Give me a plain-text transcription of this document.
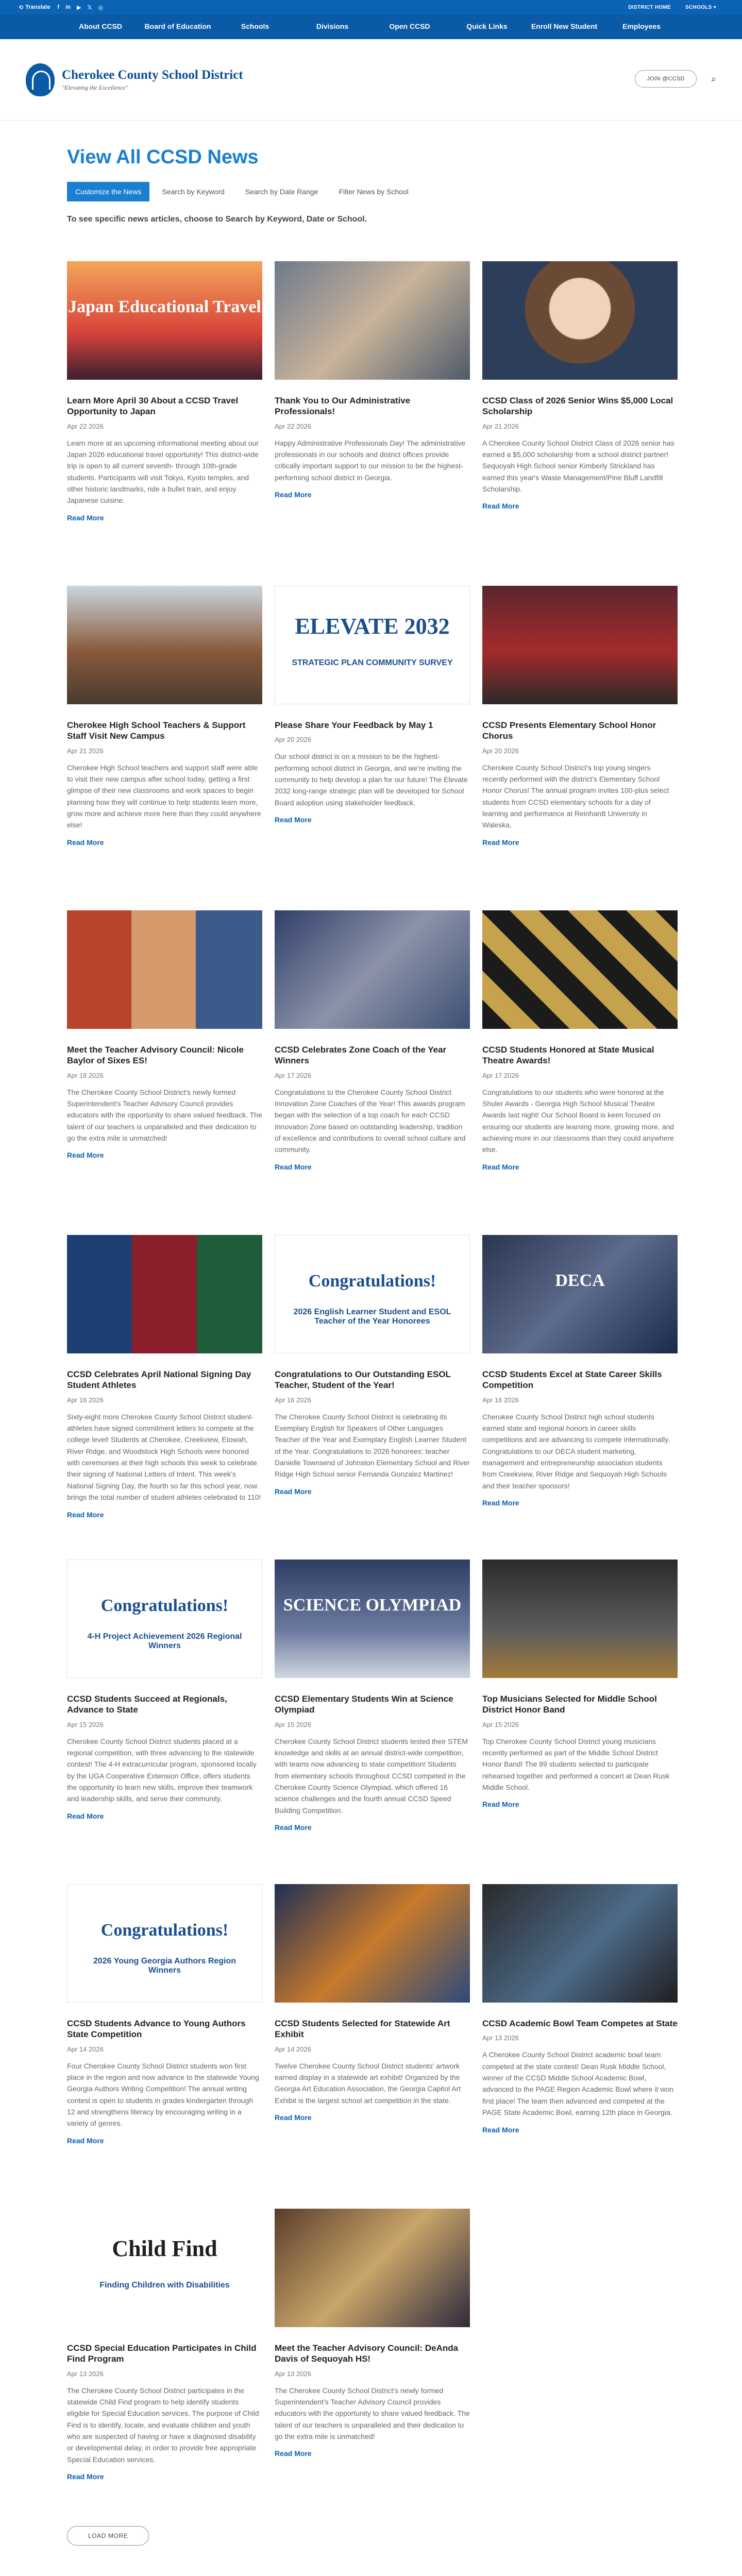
⟲ Translate f in ▶ 𝕏 ◎	DISTRICT HOME	SCHOOLS ▾
About CCSD	Board of Education	Schools	Divisions	Open CCSD	Quick Links	Enroll New Student	Employees
Cherokee County School District
"Elevating the Excellence"
JOIN @CCSD	⌕
View All CCSD News
Customize the News	Search by Keyword	Search by Date Range	Filter News by School

To see specific news articles, choose to Search by Keyword, Date or School.

Japan Educational Travel
Learn More April 30 About a CCSD Travel Opportunity to Japan
Apr 22 2026

Learn more at an upcoming informational meeting about our Japan 2026 educational travel opportunity! This district-wide trip is open to all current seventh- through 10th-grade students. Participants will visit Tokyo, Kyoto temples, and other historic landmarks, ride a bullet train, and enjoy Japanese cuisine.

Read More
Thank You to Our Administrative Professionals!
Apr 22 2026

Happy Administrative Professionals Day! The administrative professionals in our schools and district offices provide critically important support to our mission to be the highest-performing school district in Georgia.

Read More
CCSD Class of 2026 Senior Wins $5,000 Local Scholarship
Apr 21 2026

A Cherokee County School District Class of 2026 senior has earned a $5,000 scholarship from a school district partner! Sequoyah High School senior Kimberly Strickland has earned this year's Waste Management/Pine Bluff Landfill Scholarship.

Read More
Cherokee High School Teachers & Support Staff Visit New Campus
Apr 21 2026

Cherokee High School teachers and support staff were able to visit their new campus after school today, getting a first glimpse of their new classrooms and work spaces to begin planning how they will continue to help students learn more, grow more and achieve more here than they could anywhere else!

Read More
ELEVATE 2032
STRATEGIC PLAN COMMUNITY SURVEY
Please Share Your Feedback by May 1
Apr 20 2026

Our school district is on a mission to be the highest-performing school district in Georgia, and we're inviting the community to help develop a plan for our future! The Elevate 2032 long-range strategic plan will be developed for School Board adoption using stakeholder feedback.

Read More
CCSD Presents Elementary School Honor Chorus
Apr 20 2026

Cherokee County School District's top young singers recently performed with the district's Elementary School Honor Chorus! The annual program invites 100-plus select students from CCSD elementary schools for a day of learning and performance at Reinhardt University in Waleska.

Read More
Meet the Teacher Advisory Council: Nicole Baylor of Sixes ES!
Apr 18 2026

The Cherokee County School District's newly formed Superintendent's Teacher Advisory Council provides educators with the opportunity to share valued feedback. The talent of our teachers is unparalleled and their dedication to go the extra mile is unmatched!

Read More
CCSD Celebrates Zone Coach of the Year Winners
Apr 17 2026

Congratulations to the Cherokee County School District Innovation Zone Coaches of the Year! This awards program began with the selection of a top coach for each CCSD Innovation Zone based on outstanding leadership, tradition of excellence and contributions to overall school culture and community.

Read More
CCSD Students Honored at State Musical Theatre Awards!
Apr 17 2026

Congratulations to our students who were honored at the Shuler Awards - Georgia High School Musical Theatre Awards last night! Our School Board is keen focused on ensuring our students are learning more, growing more, and achieving more in our classrooms than they could anywhere else.

Read More
CCSD Celebrates April National Signing Day Student Athletes
Apr 16 2026

Sixty-eight more Cherokee County School District student-athletes have signed commitment letters to compete at the college level! Students at Cherokee, Creekview, Etowah, River Ridge, and Woodstock High Schools were honored with ceremonies at their high schools this week to celebrate their signing of National Letters of Intent. This week's National Signing Day, the fourth so far this school year, now brings the total number of student athletes celebrated to 110!

Read More
Congratulations!
2026 English Learner Student and ESOL Teacher of the Year Honorees
Congratulations to Our Outstanding ESOL Teacher, Student of the Year!
Apr 16 2026

The Cherokee County School District is celebrating its Exemplary English for Speakers of Other Languages Teacher of the Year and Exemplary English Learner Student of the Year. Congratulations to 2026 honorees: teacher Danielle Townsend of Johnston Elementary School and River Ridge High School senior Fernanda Gonzalez Martinez!

Read More
DECA
CCSD Students Excel at State Career Skills Competition
Apr 16 2026

Cherokee County School District high school students earned state and regional honors in career skills competitions and are advancing to compete internationally. Congratulations to our DECA student marketing, management and entrepreneurship association students from Creekview, River Ridge and Sequoyah High Schools and their teacher sponsors!

Read More
Congratulations!
4-H Project Achievement 2026 Regional Winners
CCSD Students Succeed at Regionals, Advance to State
Apr 15 2026

Cherokee County School District students placed at a regional competition, with three advancing to the statewide contest! The 4-H extracurricular program, sponsored locally by the UGA Cooperative Extension Office, offers students the opportunity to learn new skills, improve their teamwork and leadership skills, and serve their community.

Read More
SCIENCE OLYMPIAD
CCSD Elementary Students Win at Science Olympiad
Apr 15 2026

Cherokee County School District students tested their STEM knowledge and skills at an annual district-wide competition, with teams now advancing to state competition! Students from elementary schools throughout CCSD competed in the Cherokee County Science Olympiad, which offered 16 science challenges and the fourth annual CCSD Speed Building Competition.

Read More
Top Musicians Selected for Middle School District Honor Band
Apr 15 2026

Top Cherokee County School District young musicians recently performed as part of the Middle School District Honor Band! The 89 students selected to participate rehearsed together and performed a concert at Dean Rusk Middle School.

Read More
Congratulations!
2026 Young Georgia Authors Region Winners
CCSD Students Advance to Young Authors State Competition
Apr 14 2026

Four Cherokee County School District students won first place in the region and now advance to the statewide Young Georgia Authors Writing Competition! The annual writing contest is open to students in grades kindergarten through 12 and strengthens literacy by encouraging writing in a variety of genres.

Read More
CCSD Students Selected for Statewide Art Exhibit
Apr 14 2026

Twelve Cherokee County School District students' artwork earned display in a statewide art exhibit! Organized by the Georgia Art Education Association, the Georgia Capitol Art Exhibit is the largest school art competition in the state.

Read More
CCSD Academic Bowl Team Competes at State
Apr 13 2026

A Cherokee County School District academic bowl team competed at the state contest! Dean Rusk Middle School, winner of the CCSD Middle School Academic Bowl, advanced to the PAGE Region Academic Bowl where it won first place! The team then advanced and competed at the PAGE State Academic Bowl, earning 12th place in Georgia.

Read More
Child Find
Finding Children with Disabilities
CCSD Special Education Participates in Child Find Program
Apr 13 2026

The Cherokee County School District participates in the statewide Child Find program to help identify students eligible for Special Education services. The purpose of Child Find is to identify, locate, and evaluate children and youth who are suspected of having or have a diagnosed disability or developmental delay, in order to provide free appropriate Special Education services.

Read More
Meet the Teacher Advisory Council: DeAnda Davis of Sequoyah HS!
Apr 13 2026

The Cherokee County School District's newly formed Superintendent's Teacher Advisory Council provides educators with the opportunity to share valued feedback. The talent of our teachers is unparalleled and their dedication to go the extra mile is unmatched!

Read More
LOAD MORE
